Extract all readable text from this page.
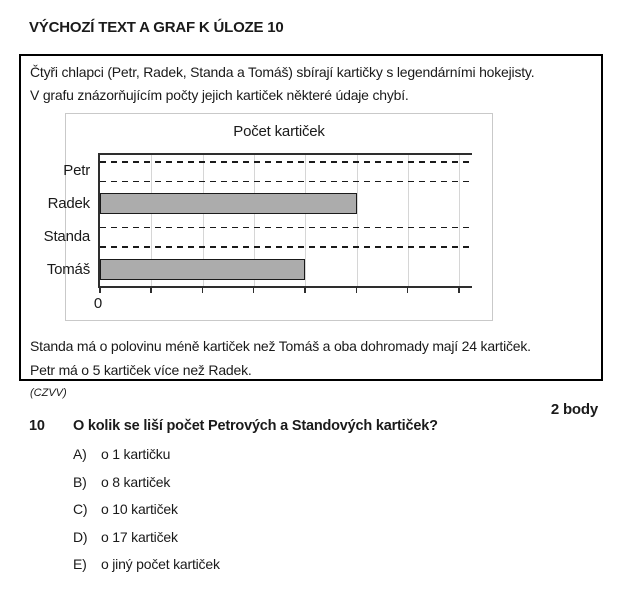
VÝCHOZÍ TEXT A GRAF K ÚLOZE 10
Čtyři chlapci (Petr, Radek, Standa a Tomáš) sbírají kartičky s legendárními hokejisty.
V grafu znázorňujícím počty jejich kartiček některé údaje chybí.
Počet kartiček
0
Petr
Radek
Standa
Tomáš
Standa má o polovinu méně kartiček než Tomáš a oba dohromady mají 24 kartiček.
Petr má o 5 kartiček více než Radek.
(CZVV)
2 body
10 O kolik se liší počet Petrových a Standových kartiček?
A)	o 1 kartičku
B)	o 8 kartiček
C) o 10 kartiček
D) o 17 kartiček
E)	o jiný počet kartiček
